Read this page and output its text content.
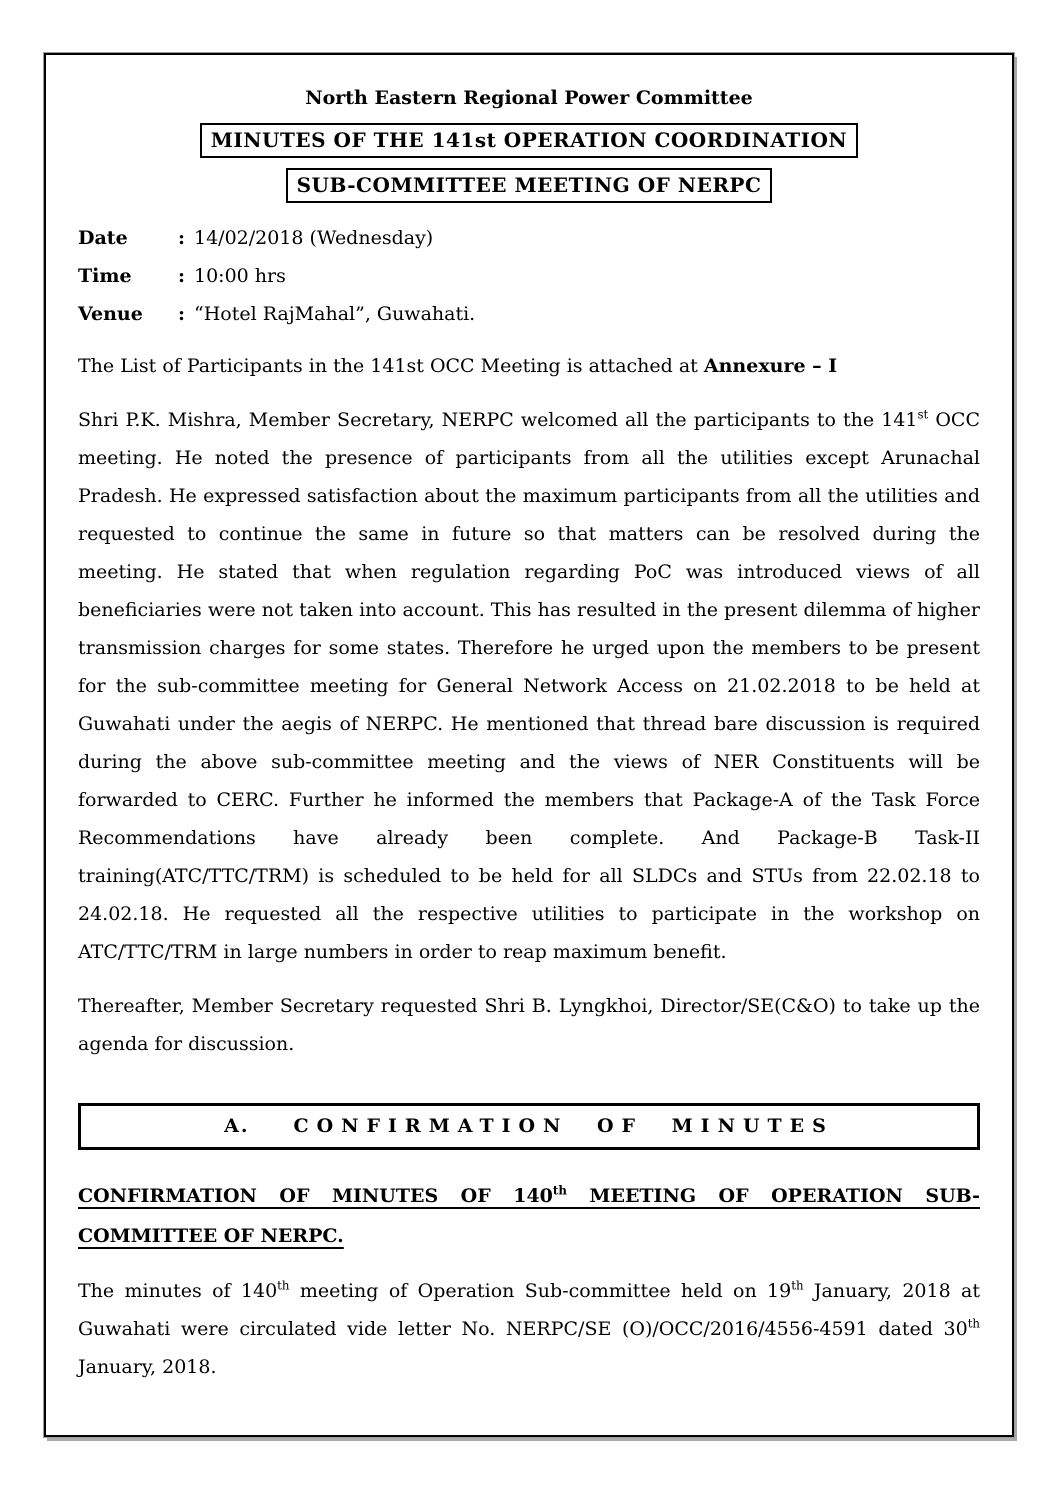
North Eastern Regional Power Committee
MINUTES OF THE 141st OPERATION COORDINATION
SUB-COMMITTEE MEETING OF NERPC
Date	: 14/02/2018 (Wednesday)
Time : 10:00 hrs
Venue : “Hotel RajMahal”, Guwahati.
The List of Participants in the 141st OCC Meeting is attached at Annexure – I
Shri P.K. Mishra, Member Secretary, NERPC welcomed all the participants to the 141st OCC meeting. He noted the presence of participants from all the utilities except Arunachal Pradesh. He expressed satisfaction about the maximum participants from all the utilities and requested to continue the same in future so that matters can be resolved during the meeting. He stated that when regulation regarding PoC was introduced views of all beneficiaries were not taken into account. This has resulted in the present dilemma of higher transmission charges for some states. Therefore he urged upon the members to be present for the sub-committee meeting for General Network Access on 21.02.2018 to be held at Guwahati under the aegis of NERPC. He mentioned that thread bare discussion is required during the above sub-committee meeting and the views of NER Constituents will be forwarded to CERC. Further he informed the members that Package-A of the Task Force Recommendations have already been complete. And Package-B Task-II training(ATC/TTC/TRM) is scheduled to be held for all SLDCs and STUs from 22.02.18 to 24.02.18. He requested all the respective utilities to participate in the workshop on ATC/TTC/TRM in large numbers in order to reap maximum benefit.
Thereafter, Member Secretary requested Shri B. Lyngkhoi, Director/SE(C&O) to take up the agenda for discussion.
A. CONFIRMATION OF MINUTES
CONFIRMATION OF MINUTES OF 140th MEETING OF OPERATION SUB-COMMITTEE OF NERPC.
The minutes of 140th meeting of Operation Sub-committee held on 19th January, 2018 at Guwahati were circulated vide letter No. NERPC/SE (O)/OCC/2016/4556-4591 dated 30th January, 2018.
